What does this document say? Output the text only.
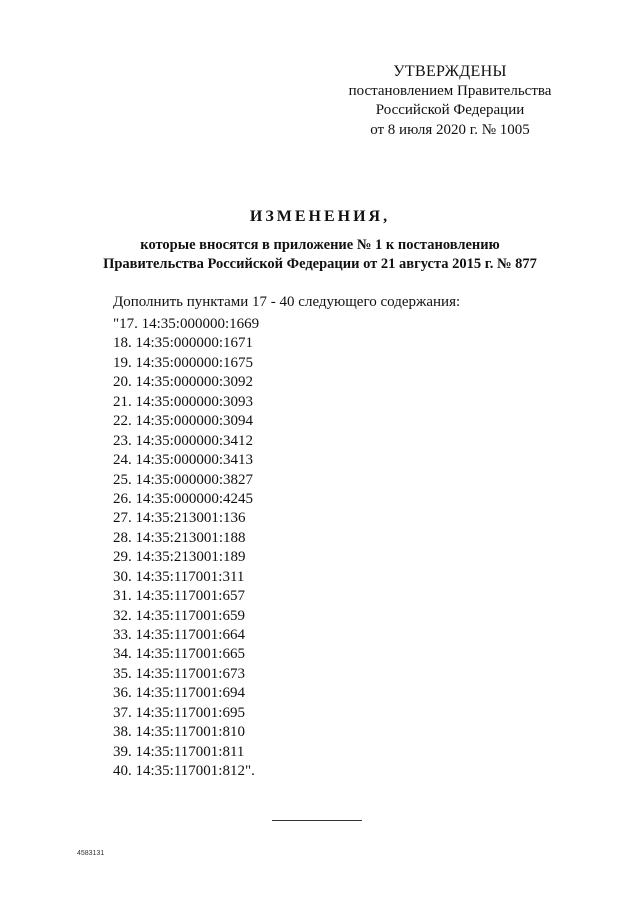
УТВЕРЖДЕНЫ
постановлением Правительства
Российской Федерации
от 8 июля 2020 г. № 1005
ИЗМЕНЕНИЯ,
которые вносятся в приложение № 1 к постановлению
Правительства Российской Федерации от 21 августа 2015 г. № 877
Дополнить пунктами 17 - 40 следующего содержания:
"17. 14:35:000000:1669
18. 14:35:000000:1671
19. 14:35:000000:1675
20. 14:35:000000:3092
21. 14:35:000000:3093
22. 14:35:000000:3094
23. 14:35:000000:3412
24. 14:35:000000:3413
25. 14:35:000000:3827
26. 14:35:000000:4245
27. 14:35:213001:136
28. 14:35:213001:188
29. 14:35:213001:189
30. 14:35:117001:311
31. 14:35:117001:657
32. 14:35:117001:659
33. 14:35:117001:664
34. 14:35:117001:665
35. 14:35:117001:673
36. 14:35:117001:694
37. 14:35:117001:695
38. 14:35:117001:810
39. 14:35:117001:811
40. 14:35:117001:812".
4583131
